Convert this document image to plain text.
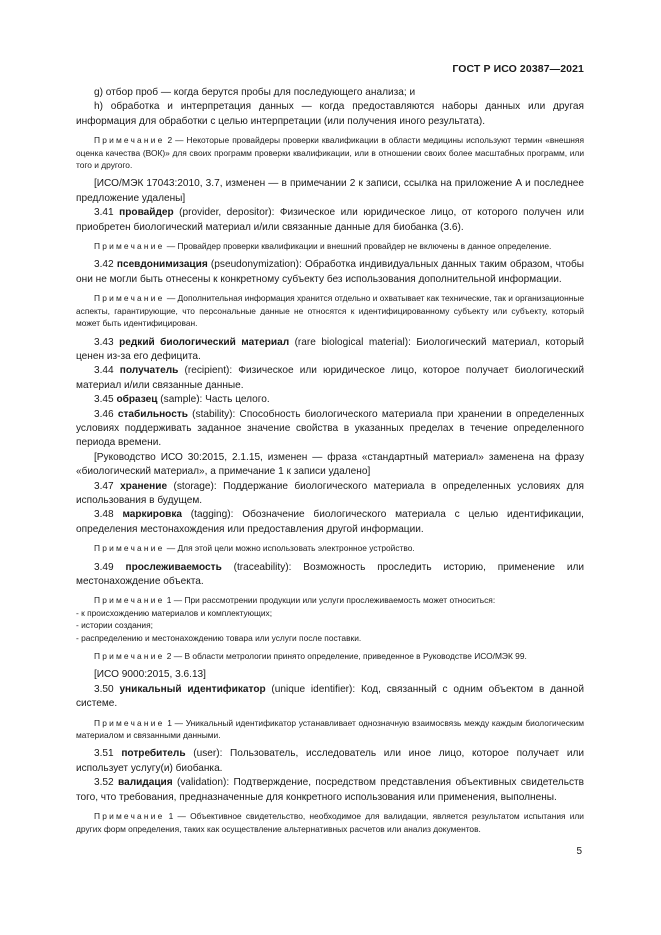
ГОСТ Р ИСО 20387—2021

g) отбор проб — когда берутся пробы для последующего анализа; и

h) обработка и интерпретация данных — когда предоставляются наборы данных или другая информация для обработки с целью интерпретации (или получения иного результата).

Примечание 2 — Некоторые провайдеры проверки квалификации в области медицины используют термин «внешняя оценка качества (ВОК)» для своих программ проверки квалификации, или в отношении своих более масштабных программ, или того и другого.

[ИСО/МЭК 17043:2010, 3.7, изменен — в примечании 2 к записи, ссылка на приложение А и последнее предложение удалены]

3.41 провайдер (provider, depositor): Физическое или юридическое лицо, от которого получен или приобретен биологический материал и/или связанные данные для биобанка (3.6).

Примечание — Провайдер проверки квалификации и внешний провайдер не включены в данное определение.

3.42 псевдонимизация (pseudonymization): Обработка индивидуальных данных таким образом, чтобы они не могли быть отнесены к конкретному субъекту без использования дополнительной информации.

Примечание — Дополнительная информация хранится отдельно и охватывает как технические, так и организационные аспекты, гарантирующие, что персональные данные не относятся к идентифицированному субъекту или субъекту, который может быть идентифицирован.

3.43 редкий биологический материал (rare biological material): Биологический материал, который ценен из-за его дефицита.

3.44 получатель (recipient): Физическое или юридическое лицо, которое получает биологический материал и/или связанные данные.

3.45 образец (sample): Часть целого.

3.46 стабильность (stability): Способность биологического материала при хранении в определенных условиях поддерживать заданное значение свойства в указанных пределах в течение определенного периода времени.

[Руководство ИСО 30:2015, 2.1.15, изменен — фраза «стандартный материал» заменена на фразу «биологический материал», а примечание 1 к записи удалено]

3.47 хранение (storage): Поддержание биологического материала в определенных условиях для использования в будущем.

3.48 маркировка (tagging): Обозначение биологического материала с целью идентификации, определения местонахождения или предоставления другой информации.

Примечание — Для этой цели можно использовать электронное устройство.

3.49 прослеживаемость (traceability): Возможность проследить историю, применение или местонахождение объекта.

Примечание 1 — При рассмотрении продукции или услуги прослеживаемость может относиться:

- к происхождению материалов и комплектующих;

- истории создания;

- распределению и местонахождению товара или услуги после поставки.

Примечание 2 — В области метрологии принято определение, приведенное в Руководстве ИСО/МЭК 99.

[ИСО 9000:2015, 3.6.13]

3.50 уникальный идентификатор (unique identifier): Код, связанный с одним объектом в данной системе.

Примечание 1 — Уникальный идентификатор устанавливает однозначную взаимосвязь между каждым биологическим материалом и связанными данными.

3.51 потребитель (user): Пользователь, исследователь или иное лицо, которое получает или использует услугу(и) биобанка.

3.52 валидация (validation): Подтверждение, посредством представления объективных свидетельств того, что требования, предназначенные для конкретного использования или применения, выполнены.

Примечание 1 — Объективное свидетельство, необходимое для валидации, является результатом испытания или других форм определения, таких как осуществление альтернативных расчетов или анализ документов.

5
